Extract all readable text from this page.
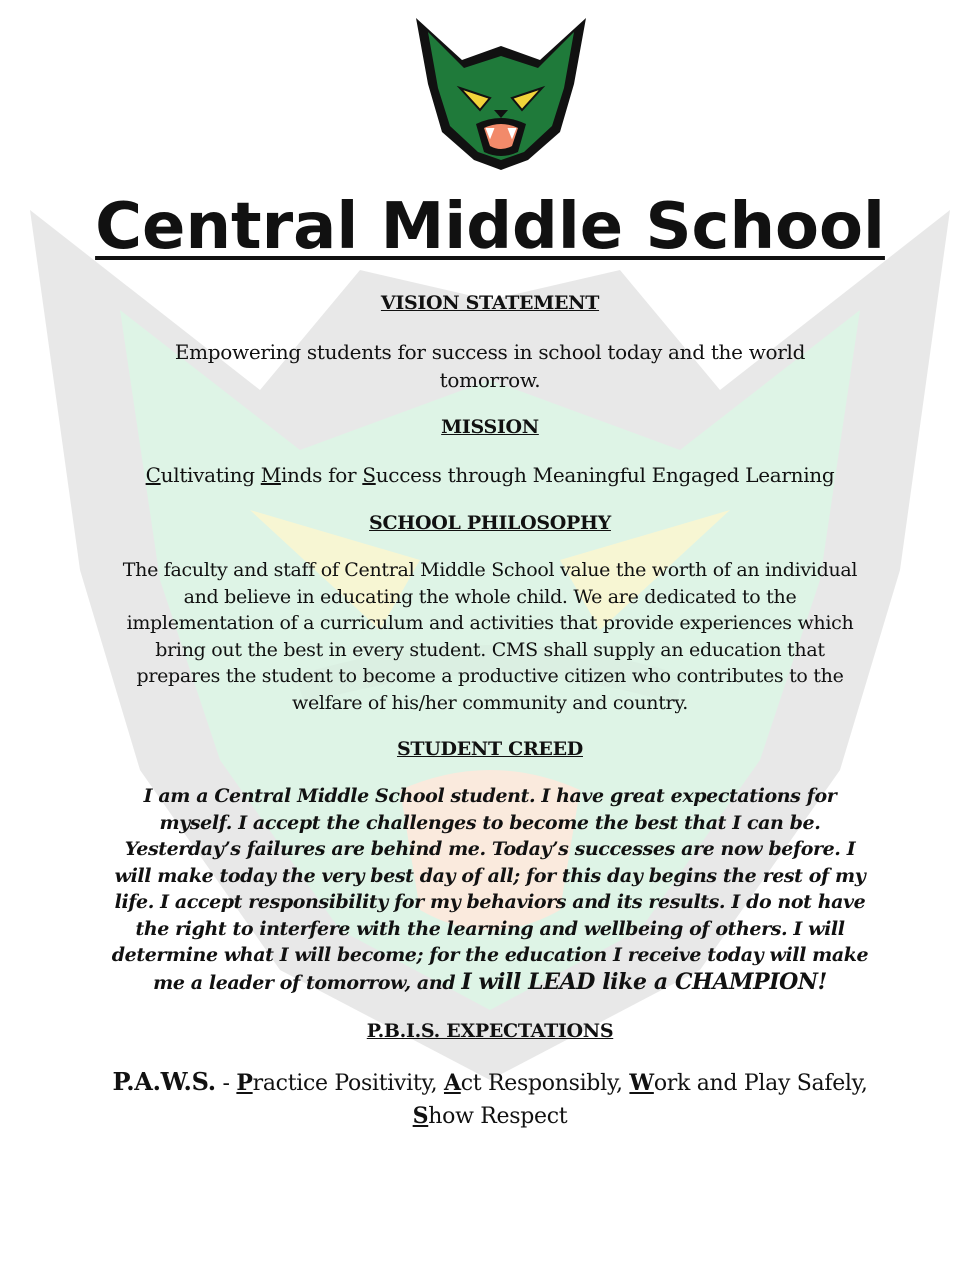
Central Middle School
VISION STATEMENT
Empowering students for success in school today and the world tomorrow.
MISSION
Cultivating Minds for Success through Meaningful Engaged Learning
SCHOOL PHILOSOPHY
The faculty and staff of Central Middle School value the worth of an individual and believe in educating the whole child. We are dedicated to the implementation of a curriculum and activities that provide experiences which bring out the best in every student. CMS shall supply an education that prepares the student to become a productive citizen who contributes to the welfare of his/her community and country.
STUDENT CREED
I am a Central Middle School student. I have great expectations for myself. I accept the challenges to become the best that I can be. Yesterday’s failures are behind me. Today’s successes are now before. I will make today the very best day of all; for this day begins the rest of my life. I accept responsibility for my behaviors and its results. I do not have the right to interfere with the learning and wellbeing of others. I will determine what I will become; for the education I receive today will make me a leader of tomorrow, and I will LEAD like a CHAMPION!
P.B.I.S. EXPECTATIONS
P.A.W.S. - Practice Positivity, Act Responsibly, Work and Play Safely, Show Respect
